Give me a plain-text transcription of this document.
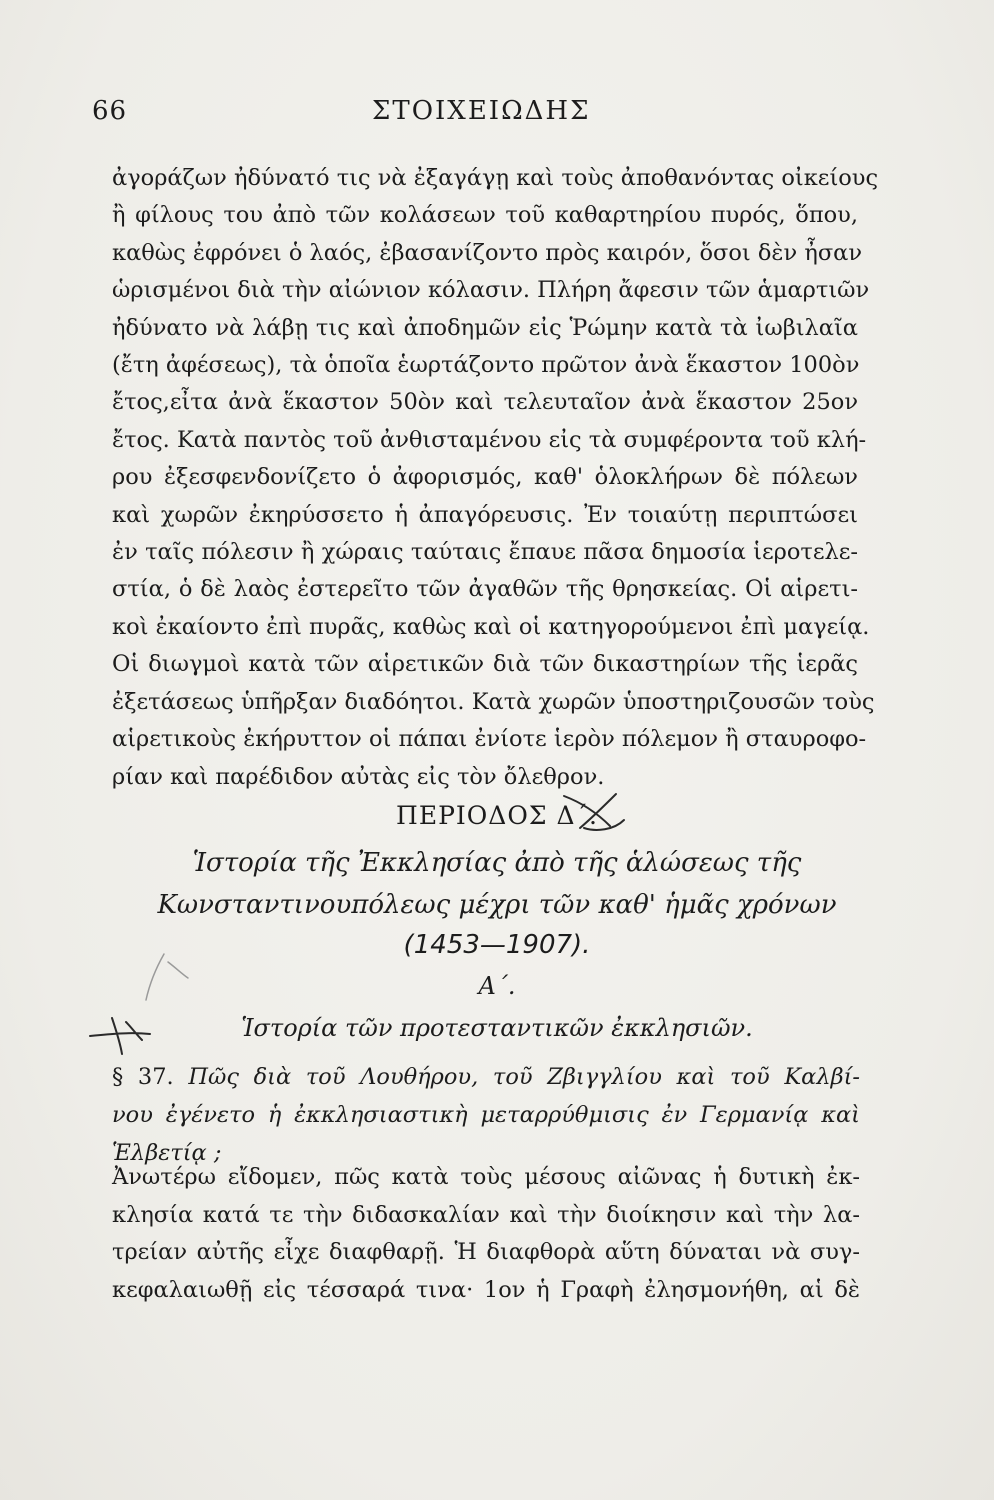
66	ΣΤΟΙΧΕΙΩΔΗΣ
ἀγοράζων ἠδύνατό τις νὰ ἐξαγάγῃ καὶ τοὺς ἀποθανόντας οἰκείους
ἢ φίλους του ἀπὸ τῶν κολάσεων τοῦ καθαρτηρίου πυρός, ὅπου,
καθὼς ἐφρόνει ὁ λαός, ἐβασανίζοντο πρὸς καιρόν, ὅσοι δὲν ἦσαν
ὡρισμένοι διὰ τὴν αἰώνιον κόλασιν. Πλήρη ἄφεσιν τῶν ἁμαρτιῶν
ἠδύνατο νὰ λάβῃ τις καὶ ἀποδημῶν εἰς Ῥώμην κατὰ τὰ ἰωβιλαῖα
(ἔτη ἀφέσεως), τὰ ὁποῖα ἑωρτάζοντο πρῶτον ἀνὰ ἕκαστον 100ὸν
ἔτος,εἶτα ἀνὰ ἕκαστον 50ὸν καὶ τελευταῖον ἀνὰ ἕκαστον 25ον
ἔτος. Κατὰ παντὸς τοῦ ἀνθισταμένου εἰς τὰ συμφέροντα τοῦ κλή-
ρου ἐξεσφενδονίζετο ὁ ἀφορισμός, καθ' ὁλοκλήρων δὲ πόλεων
καὶ χωρῶν ἐκηρύσσετο ἡ ἀπαγόρευσις. Ἐν τοιαύτῃ περιπτώσει
ἐν ταῖς πόλεσιν ἢ χώραις ταύταις ἔπαυε πᾶσα δημοσία ἱεροτελε-
στία, ὁ δὲ λαὸς ἐστερεῖτο τῶν ἀγαθῶν τῆς θρησκείας. Οἱ αἱρετι-
κοὶ ἐκαίοντο ἐπὶ πυρᾶς, καθὼς καὶ οἱ κατηγορούμενοι ἐπὶ μαγείᾳ.
Οἱ διωγμοὶ κατὰ τῶν αἱρετικῶν διὰ τῶν δικαστηρίων τῆς ἱερᾶς
ἐξετάσεως ὑπῆρξαν διαδόητοι. Κατὰ χωρῶν ὑποστηριζουσῶν τοὺς
αἱρετικοὺς ἐκήρυττον οἱ πάπαι ἐνίοτε ἱερὸν πόλεμον ἢ σταυροφο-
ρίαν καὶ παρέδιδον αὐτὰς εἰς τὸν ὄλεθρον.
ΠΕΡΙΟΔΟΣ Δ΄.
Ἱστορία τῆς Ἐκκλησίας ἀπὸ τῆς ἁλώσεως τῆς
Κωνσταντινουπόλεως μέχρι τῶν καθ' ἡμᾶς χρόνων
(1453—1907).
Α΄.
Ἱστορία τῶν προτεσταντικῶν ἐκκλησιῶν.
§ 37. Πῶς διὰ τοῦ Λουθήρου, τοῦ Ζβιγγλίου καὶ τοῦ Καλβί-
νου ἐγένετο ἡ ἐκκλησιαστικὴ μεταρρύθμισις ἐν Γερμανίᾳ καὶ
Ἑλβετίᾳ ;
Ἀνωτέρω εἴδομεν, πῶς κατὰ τοὺς μέσους αἰῶνας ἡ δυτικὴ ἐκ-
κλησία κατά τε τὴν διδασκαλίαν καὶ τὴν διοίκησιν καὶ τὴν λα-
τρείαν αὐτῆς εἶχε διαφθαρῇ. Ἡ διαφθορὰ αὕτη δύναται νὰ συγ-
κεφαλαιωθῇ εἰς τέσσαρά τινα· 1ον ἡ Γραφὴ ἐλησμονήθη, αἱ δὲ
